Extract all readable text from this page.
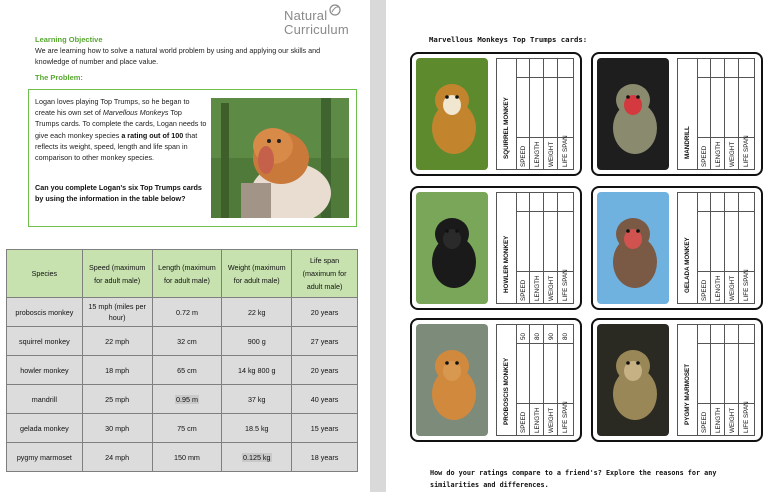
Natural
Curriculum
Learning Objective
We are learning how to solve a natural world problem by using and applying our skills and knowledge of number and place value.
The Problem:
Logan loves playing Top Trumps, so he began to create his own set of Marvellous Monkeys Top Trumps cards. To complete the cards, Logan needs to give each monkey species a rating out of 100 that reflects its weight, speed, length and life span in comparison to other monkey species.
Can you complete Logan's six Top Trumps cards by using the information in the table below?
Species	Speed (maximum for adult male)	Length (maximum for adult male)	Weight (maximum for adult male)	Life span (maximum for adult male)
proboscis monkey	15 mph (miles per hour)	0.72 m	22 kg	20 years
squirrel monkey	22 mph	32 cm	900 g	27 years
howler monkey	18 mph	65 cm	14 kg 800 g	20 years
mandrill	25 mph	0.95 m	37 kg	40 years
gelada monkey	30 mph	75 cm	18.5 kg	15 years
pygmy marmoset	24 mph	150 mm	0.125 kg	18 years
Marvellous Monkeys Top Trumps cards:
SQUIRREL MONKEY SPEED LENGTH WEIGHT LIFE SPAN	MANDRILL SPEED LENGTH WEIGHT LIFE SPAN
HOWLER MONKEY SPEED LENGTH WEIGHT LIFE SPAN	GELADA MONKEY SPEED LENGTH WEIGHT LIFE SPAN
PROBOSCIS MONKEY SPEED
50
LENGTH
80
WEIGHT
90
LIFE SPAN
80
PYGMY MARMOSET SPEED LENGTH WEIGHT LIFE SPAN
How do your ratings compare to a friend's? Explore the reasons for any similarities and differences.
